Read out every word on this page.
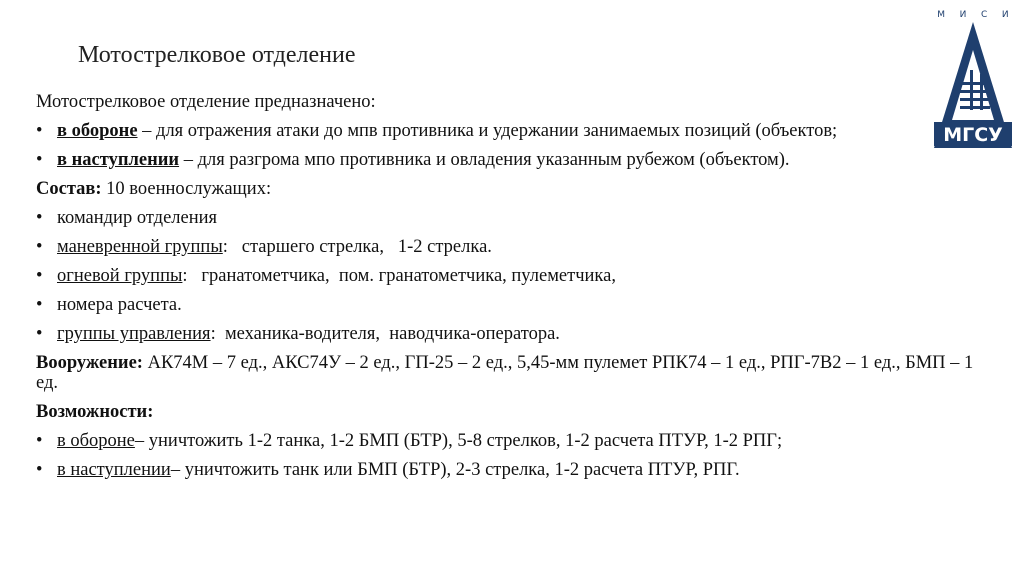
Мотострелковое отделение
М И С И
МГСУ
Мотострелковое отделение предназначено:
• в обороне – для отражения атаки до мпв противника и удержании занимаемых позиций (объектов;
• в наступлении – для разгрома мпо противника и овладения указанным рубежом (объектом).
Состав: 10 военнослужащих:
• командир отделения
• маневренной группы:   старшего стрелка,   1-2 стрелка.
• огневой группы:   гранатометчика,  пом. гранатометчика, пулеметчика,
• номера расчета.
• группы управления:  механика-водителя,  наводчика-оператора.
Вооружение: АК74М – 7 ед., АКС74У – 2 ед., ГП-25 – 2 ед., 5,45-мм пулемет РПК74 – 1 ед., РПГ-7В2 – 1 ед., БМП – 1 ед.
Возможности:
• в обороне– уничтожить 1-2 танка, 1-2 БМП (БТР), 5-8 стрелков, 1-2 расчета ПТУР, 1-2 РПГ;
• в наступлении– уничтожить танк или БМП (БТР), 2-3 стрелка, 1-2 расчета ПТУР, РПГ.
